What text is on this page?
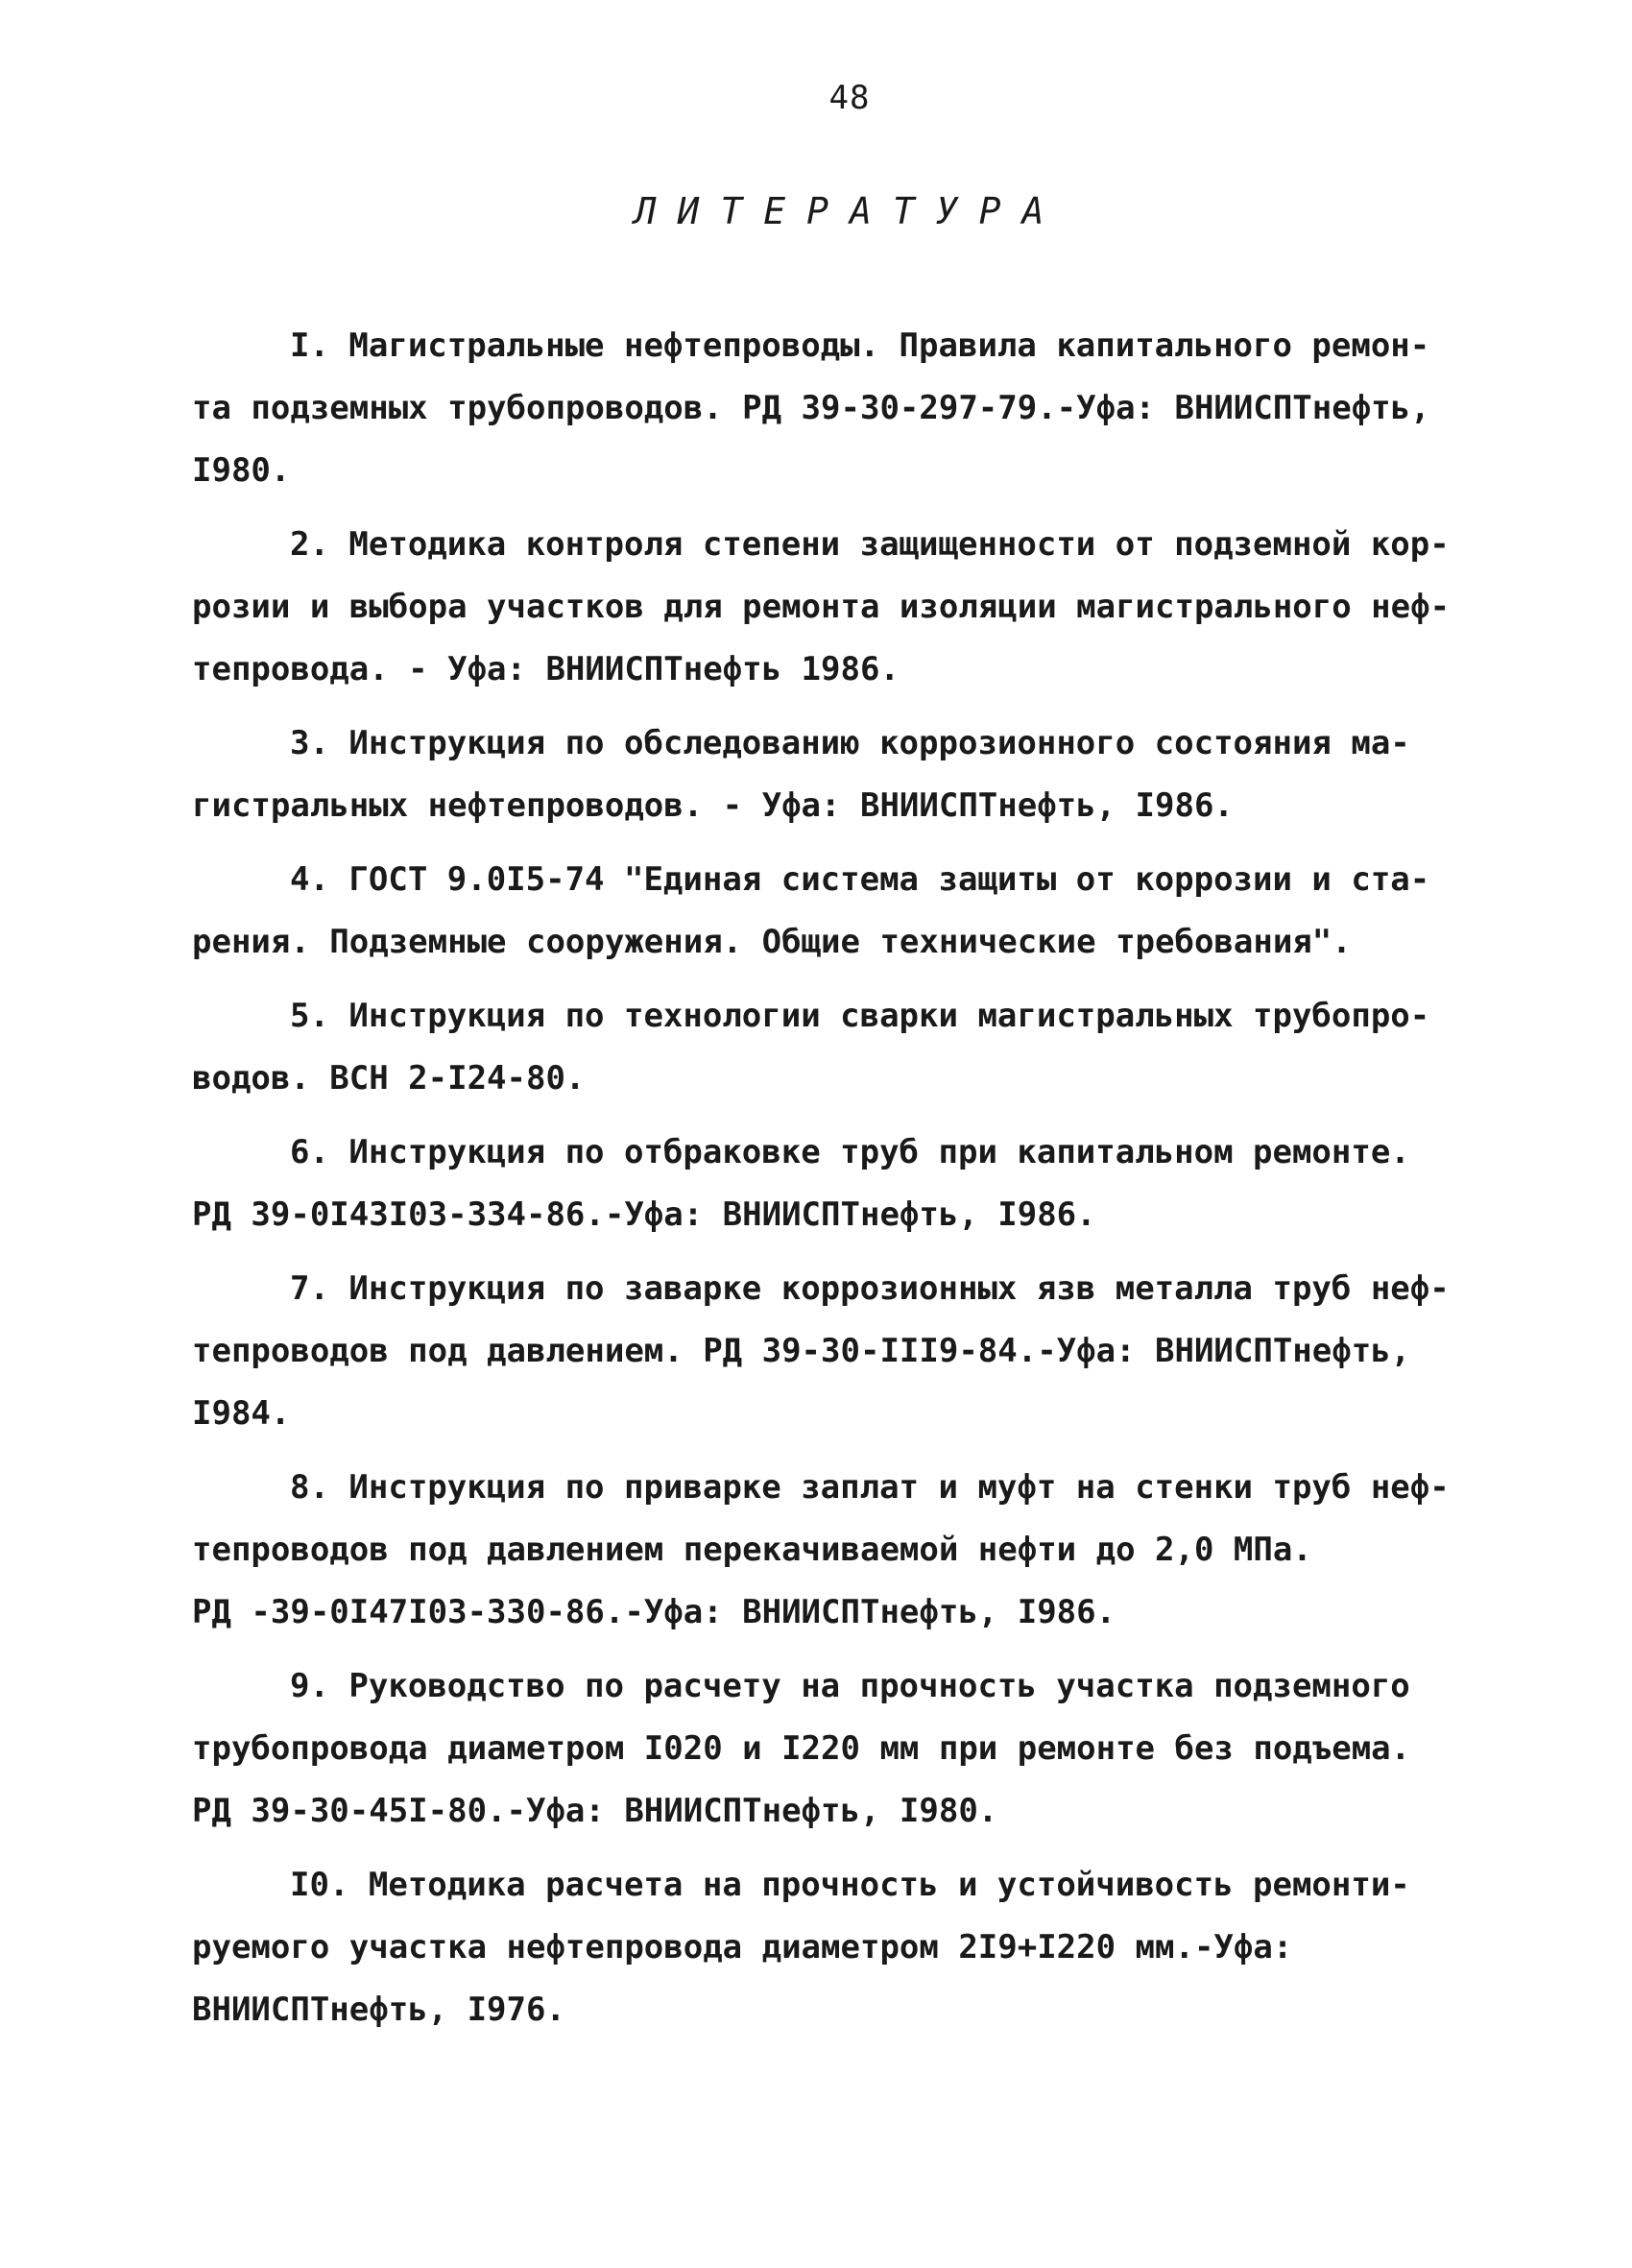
48
ЛИТЕРАТУРА
I. Магистральные нефтепроводы. Правила капитального ремон-
та подземных трубопроводов. РД 39-30-297-79.-Уфа: ВНИИСПТнефть,
I980.
2. Методика контроля степени защищенности от подземной кор-
розии и выбора участков для ремонта изоляции магистрального неф-
тепровода. - Уфа: ВНИИСПТнефть 1986.
3. Инструкция по обследованию коррозионного состояния ма-
гистральных нефтепроводов. - Уфа: ВНИИСПТнефть, I986.
4. ГОСТ 9.0I5-74 "Единая система защиты от коррозии и ста-
рения. Подземные сооружения. Общие технические требования".
5. Инструкция по технологии сварки магистральных трубопро-
водов. ВСН 2-I24-80.
6. Инструкция по отбраковке труб при капитальном ремонте.
РД 39-0I43I03-334-86.-Уфа: ВНИИСПТнефть, I986.
7. Инструкция по заварке коррозионных язв металла труб неф-
тепроводов под давлением. РД 39-30-III9-84.-Уфа: ВНИИСПТнефть,
I984.
8. Инструкция по приварке заплат и муфт на стенки труб неф-
тепроводов под давлением перекачиваемой нефти до 2,0 МПа.
РД -39-0I47I03-330-86.-Уфа: ВНИИСПТнефть, I986.
9. Руководство по расчету на прочность участка подземного
трубопровода диаметром I020 и I220 мм при ремонте без подъема.
РД 39-30-45I-80.-Уфа: ВНИИСПТнефть, I980.
I0. Методика расчета на прочность и устойчивость ремонти-
руемого участка нефтепровода диаметром 2I9+I220 мм.-Уфа:
ВНИИСПТнефть, I976.
